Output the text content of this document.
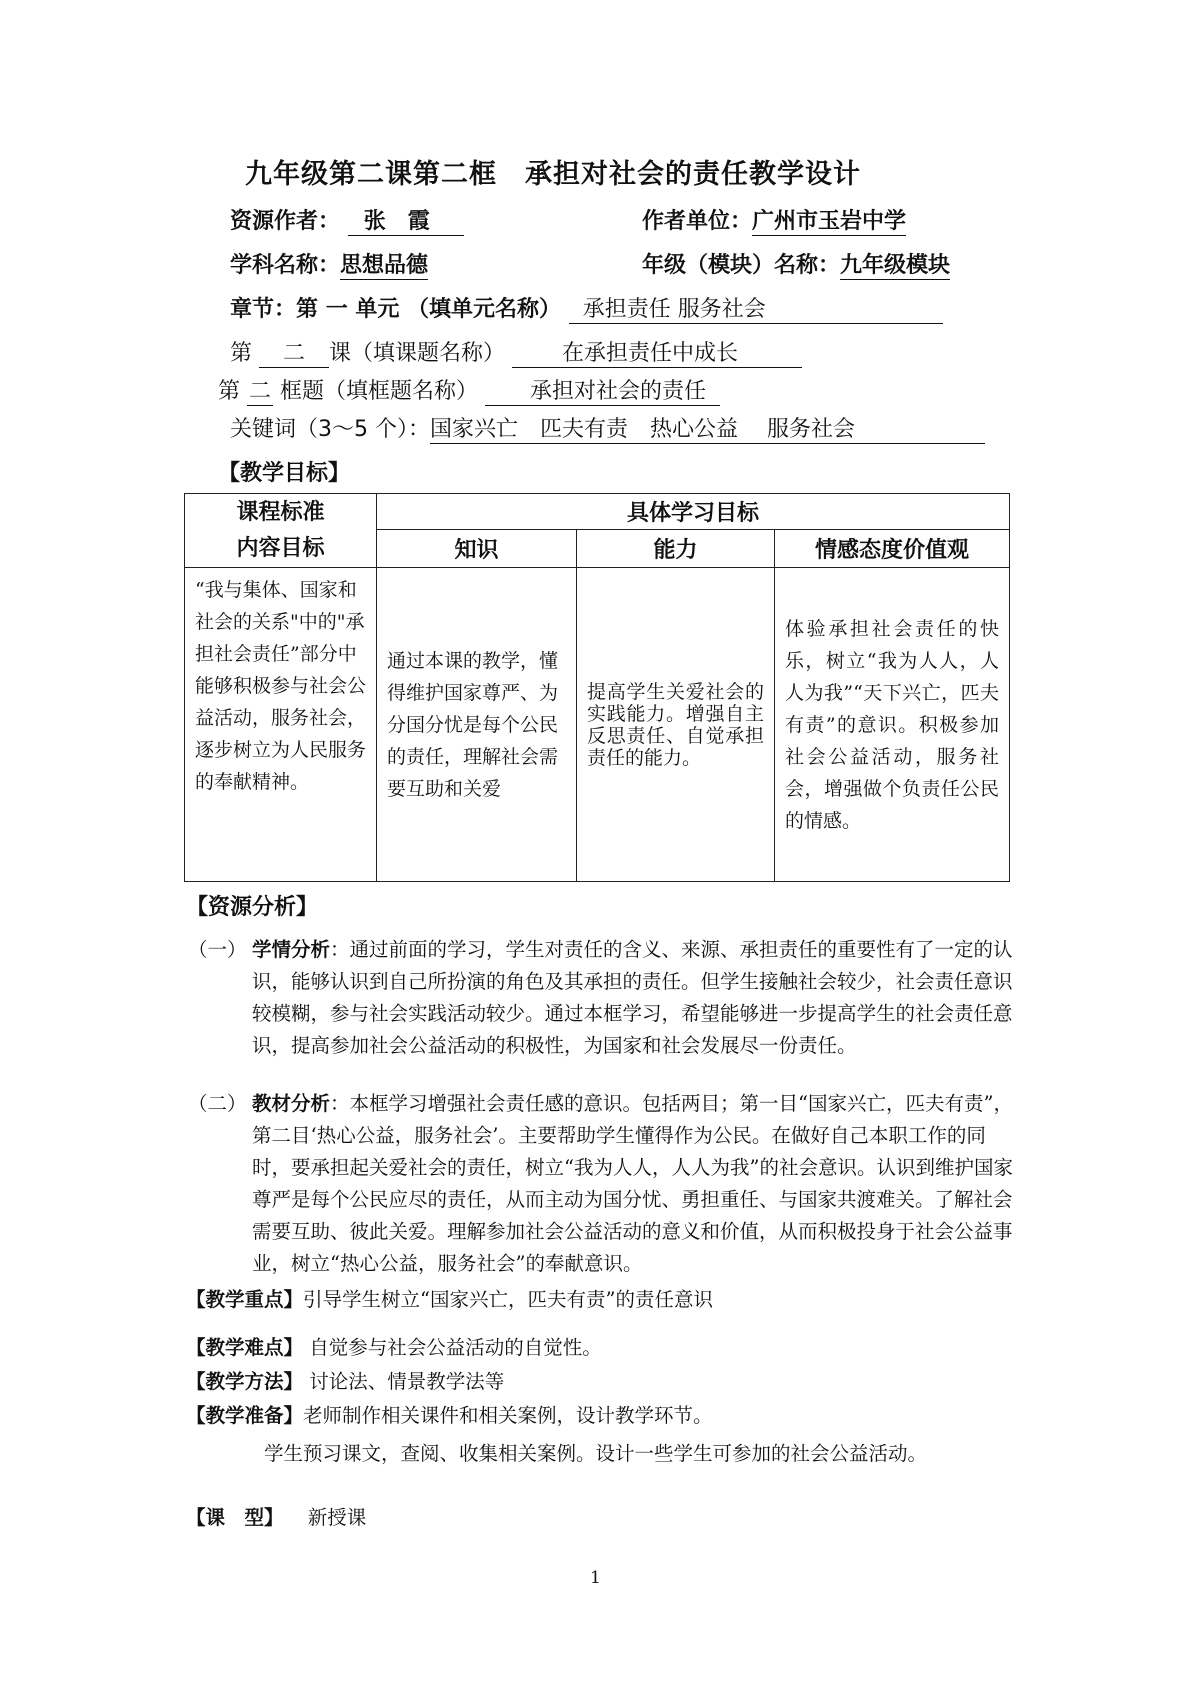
九年级第二课第二框　承担对社会的责任教学设计
资源作者： 张　霞	作者单位：广州市玉岩中学
学科名称：思想品德	年级（模块）名称：九年级模块
章节：第 一 单元 （填单元名称） 承担责任 服务社会
第 二 课（填课题名称）	在承担责任中成长
第 二 框题（填框题名称） 承担对社会的责任
关键词（3～5 个）：国家兴亡　匹夫有责　热心公益　 服务社会
【教学目标】
课程标准
内容目标	具体学习目标		
	知识	能力	情感态度价值观
“我与集体、国家和社会的关系"中的"承担社会责任”部分中能够积极参与社会公益活动，服务社会，逐步树立为人民服务的奉献精神。	通过本课的教学，懂得维护国家尊严、为分国分忧是每个公民的责任，理解社会需要互助和关爱	提高学生关爱社会的实践能力。增强自主反思责任、自觉承担责任的能力。	体验承担社会责任的快乐，树立“我为人人，人人为我”“天下兴亡，匹夫有责”的意识。积极参加社会公益活动，服务社会，增强做个负责任公民的情感。
【资源分析】
（一） 学情分析：通过前面的学习，学生对责任的含义、来源、承担责任的重要性有了一定的认识，能够认识到自己所扮演的角色及其承担的责任。但学生接触社会较少，社会责任意识较模糊，参与社会实践活动较少。通过本框学习，希望能够进一步提高学生的社会责任意识，提高参加社会公益活动的积极性，为国家和社会发展尽一份责任。
（二） 教材分析：本框学习增强社会责任感的意识。包括两目；第一目“国家兴亡，匹夫有责”，第二目‘热心公益，服务社会’。主要帮助学生懂得作为公民。在做好自己本职工作的同时，要承担起关爱社会的责任，树立“我为人人，人人为我”的社会意识。认识到维护国家尊严是每个公民应尽的责任，从而主动为国分忧、勇担重任、与国家共渡难关。了解社会需要互助、彼此关爱。理解参加社会公益活动的意义和价值，从而积极投身于社会公益事业，树立“热心公益，服务社会”的奉献意识。
【教学重点】引导学生树立“国家兴亡，匹夫有责”的责任意识
【教学难点】 自觉参与社会公益活动的自觉性。
【教学方法】 讨论法、情景教学法等
【教学准备】老师制作相关课件和相关案例，设计教学环节。
学生预习课文，查阅、收集相关案例。设计一些学生可参加的社会公益活动。
【课　型】 新授课
1
